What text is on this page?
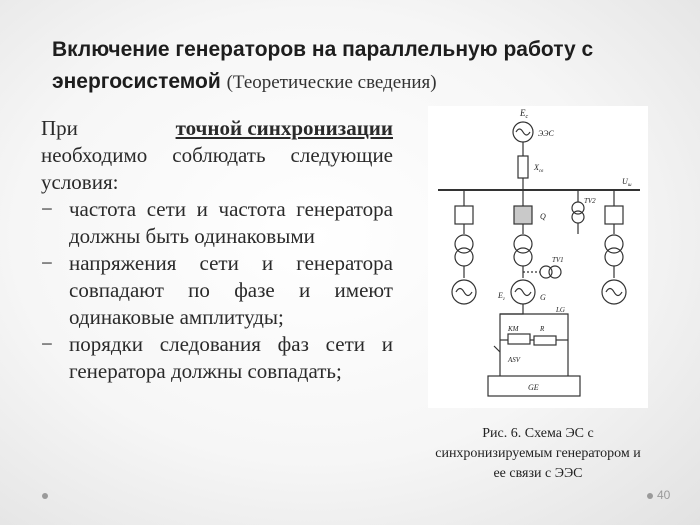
Включение генераторов на параллельную работу с энергосистемой (Теоретические сведения)
При	точной синхронизации
необходимо соблюдать следующие условия:
− частота сети и частота генератора должны быть одинаковыми
− напряжения сети и генератора совпадают по фазе и имеют одинаковые амплитуды;
− порядки следования фаз сети и генератора должны совпадать;
$E_c$
ЭЭС
$X_{св}$
$U_ш$
Q
$E_г$	G
TV1
TV2
LG
KM	R
ASV
GE
Рис. 6. Схема ЭС с синхронизируемым генератором и ее связи с ЭЭС
40
